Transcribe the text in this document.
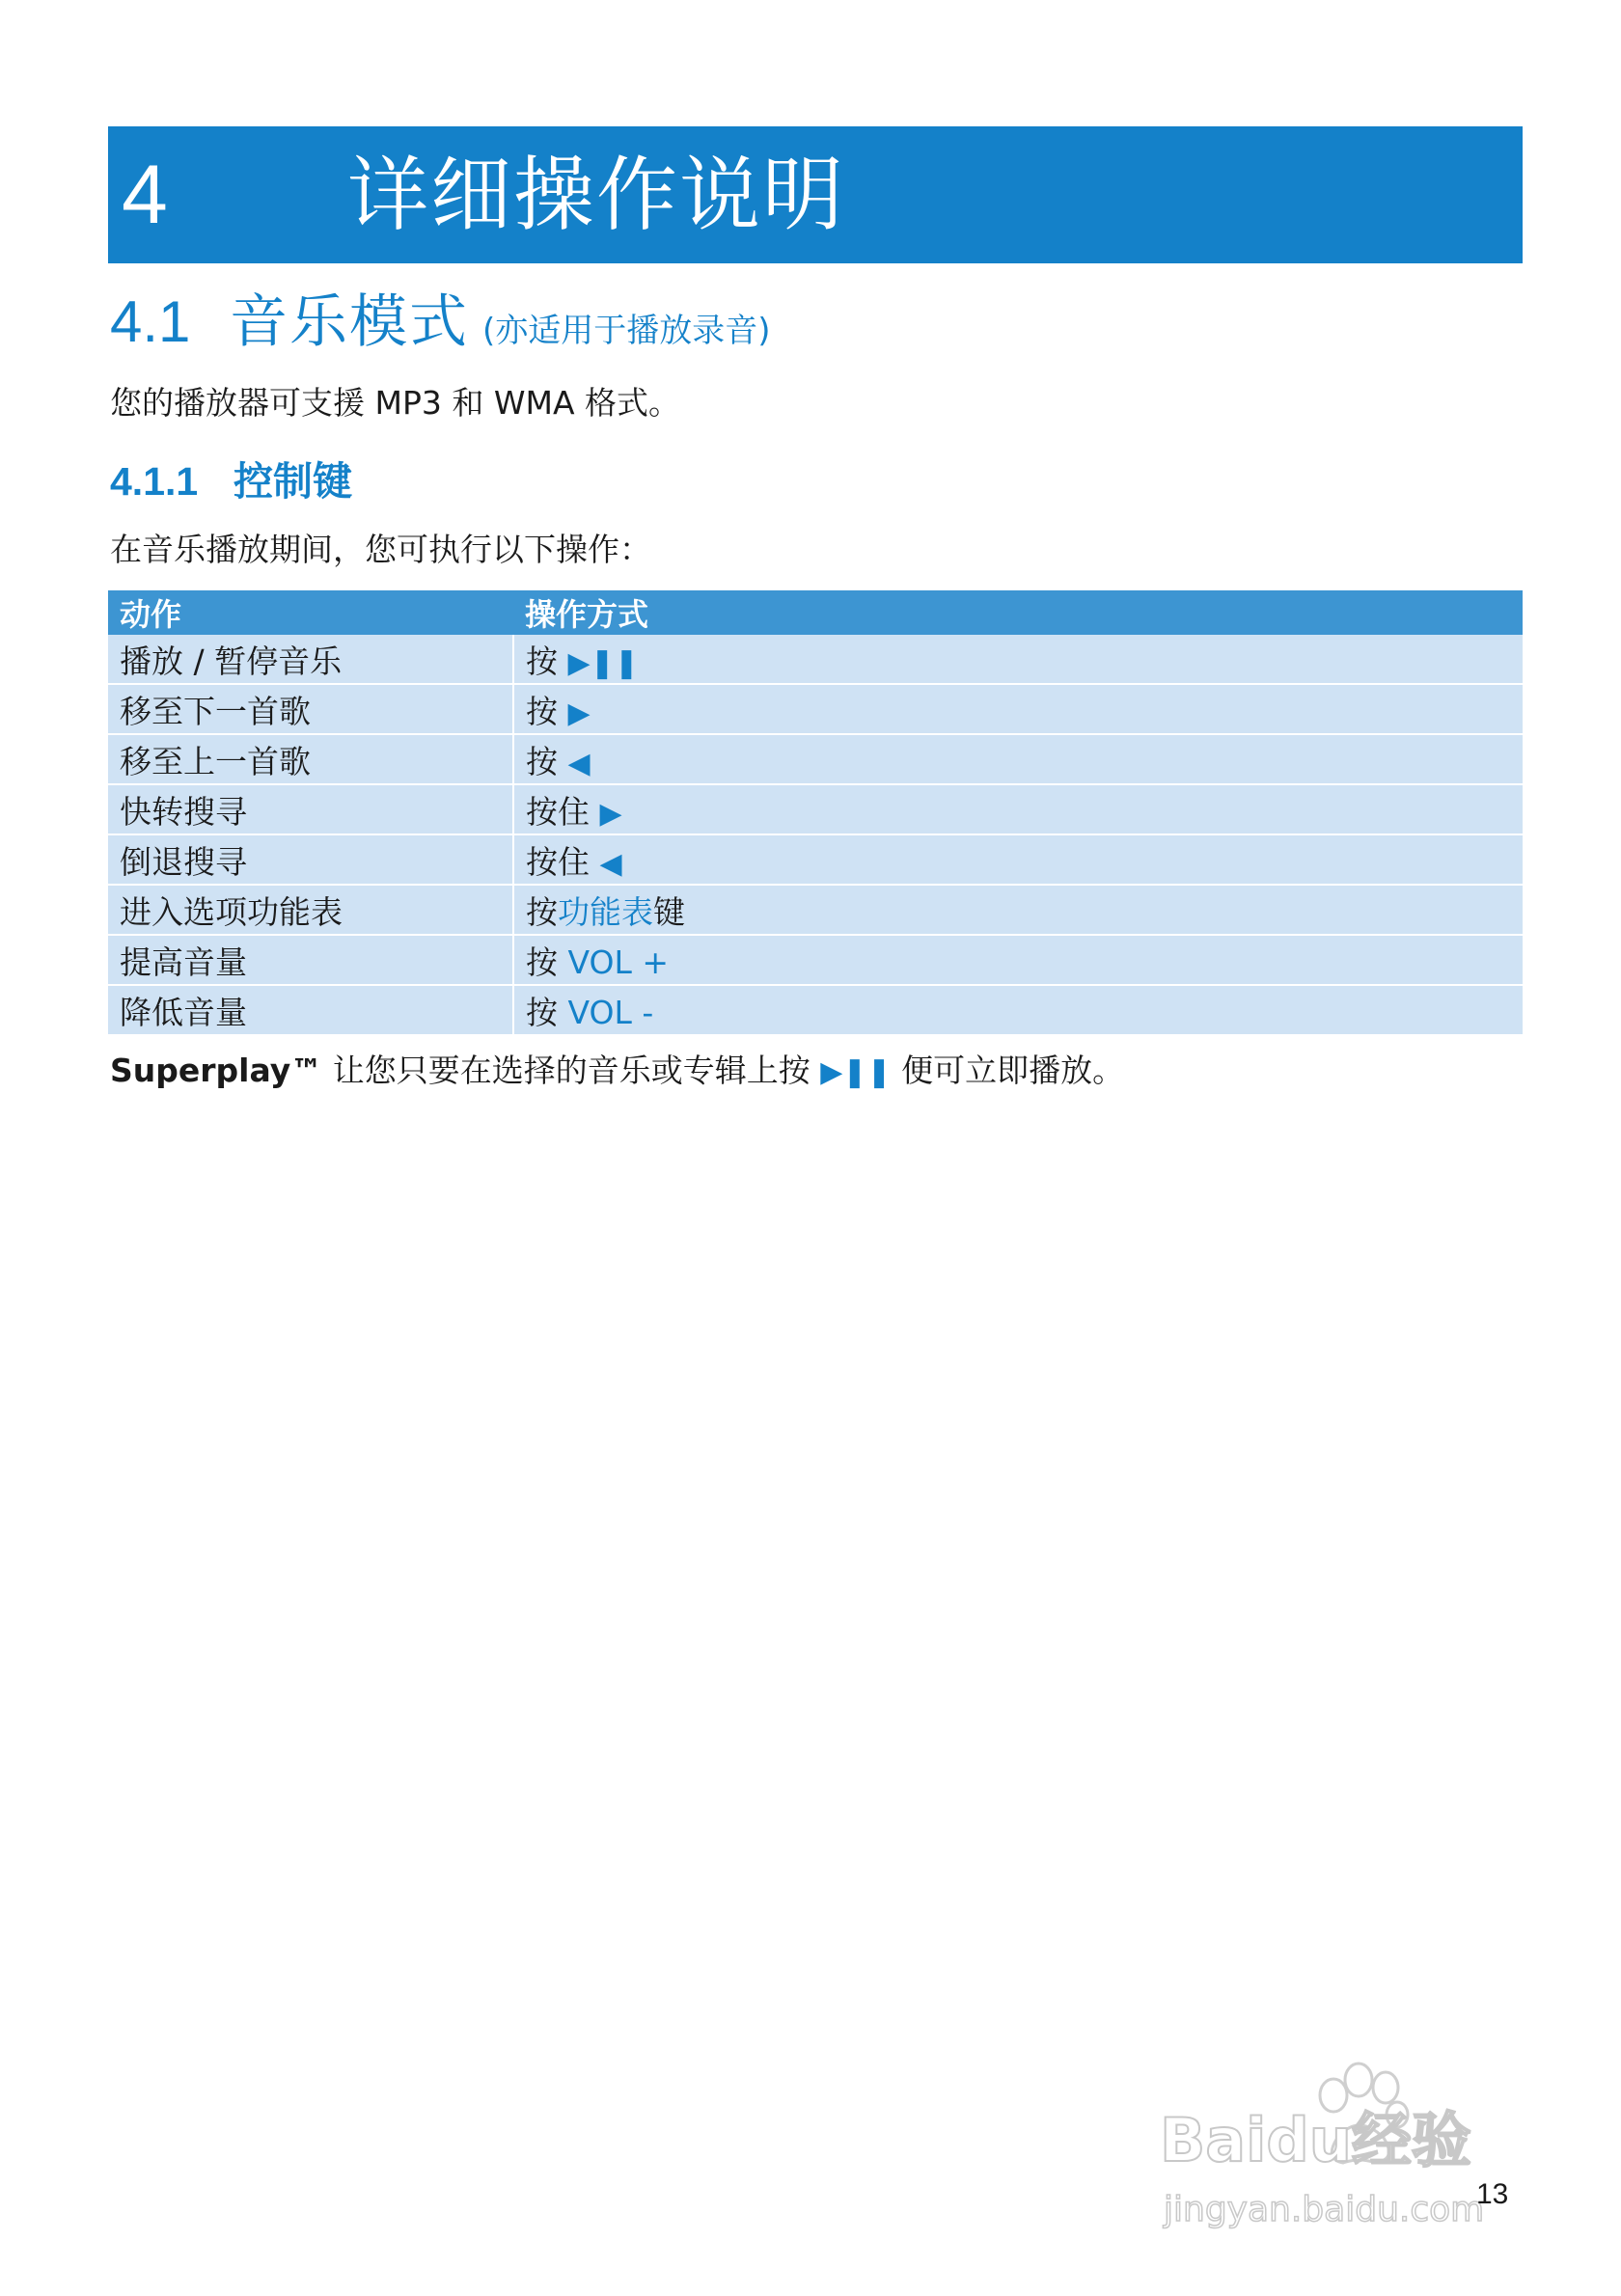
4	详细操作说明
4.1 音乐模式 (亦适用于播放录音)
您的播放器可支援 MP3 和 WMA 格式。
4.1.1 控制键
在音乐播放期间，您可执行以下操作：
动作	操作方式
播放 / 暂停音乐	按 ▶❚❚
移至下一首歌	按 ▶
移至上一首歌	按 ◀
快转搜寻	按住 ▶
倒退搜寻	按住 ◀
进入选项功能表	按功能表键
提高音量	按 VOL +
降低音量	按 VOL -
Superplay™ 让您只要在选择的音乐或专辑上按 ▶❚❚ 便可立即播放。
Baidu经验
jingyan.baidu.com
13
